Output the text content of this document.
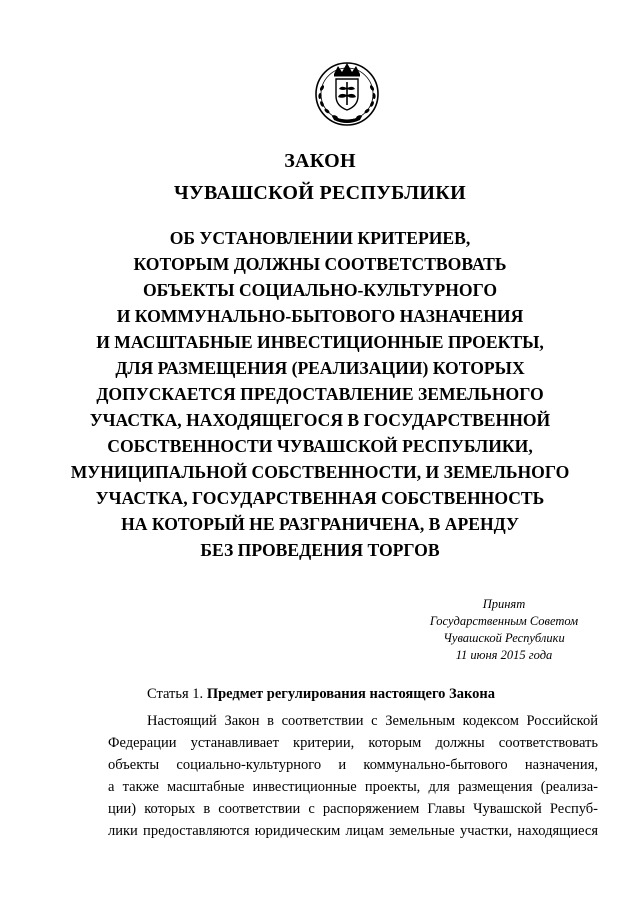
ЗАКОН
ЧУВАШСКОЙ РЕСПУБЛИКИ
ОБ УСТАНОВЛЕНИИ КРИТЕРИЕВ,
КОТОРЫМ ДОЛЖНЫ СООТВЕТСТВОВАТЬ
ОБЪЕКТЫ СОЦИАЛЬНО-КУЛЬТУРНОГО
И КОММУНАЛЬНО-БЫТОВОГО НАЗНАЧЕНИЯ
И МАСШТАБНЫЕ ИНВЕСТИЦИОННЫЕ ПРОЕКТЫ,
ДЛЯ РАЗМЕЩЕНИЯ (РЕАЛИЗАЦИИ) КОТОРЫХ
ДОПУСКАЕТСЯ ПРЕДОСТАВЛЕНИЕ ЗЕМЕЛЬНОГО
УЧАСТКА, НАХОДЯЩЕГОСЯ В ГОСУДАРСТВЕННОЙ
СОБСТВЕННОСТИ ЧУВАШСКОЙ РЕСПУБЛИКИ,
МУНИЦИПАЛЬНОЙ СОБСТВЕННОСТИ, И ЗЕМЕЛЬНОГО
УЧАСТКА, ГОСУДАРСТВЕННАЯ СОБСТВЕННОСТЬ
НА КОТОРЫЙ НЕ РАЗГРАНИЧЕНА, В АРЕНДУ
БЕЗ ПРОВЕДЕНИЯ ТОРГОВ
Принят
Государственным Советом
Чувашской Республики
11 июня 2015 года
Статья 1. Предмет регулирования настоящего Закона
Настоящий Закон в соответствии с Земельным кодексом Российской
Федерации устанавливает критерии, которым должны соответствовать
объекты социально-культурного и коммунально-бытового назначения,
а также масштабные инвестиционные проекты, для размещения (реализа-
ции) которых в соответствии с распоряжением Главы Чувашской Респуб-
лики предоставляются юридическим лицам земельные участки, находящиеся
